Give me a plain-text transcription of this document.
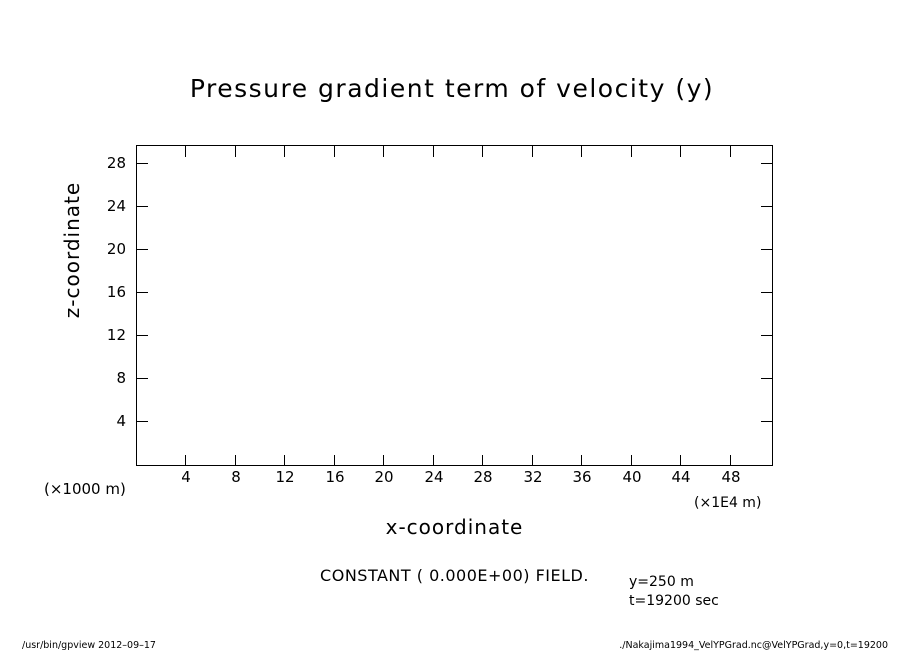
Pressure gradient term of velocity (y)
4	8	12	16	20	24	28	32	36	40	44	48
4
8
12
16
20
24
28
x-coordinate
z-coordinate
(×1000 m)
(×1E4 m)
CONSTANT ( 0.000E+00) FIELD.	y=250 m
t=19200 sec
/usr/bin/gpview 2012–09–17	./Nakajima1994_VelYPGrad.nc@VelYPGrad,y=0,t=19200
